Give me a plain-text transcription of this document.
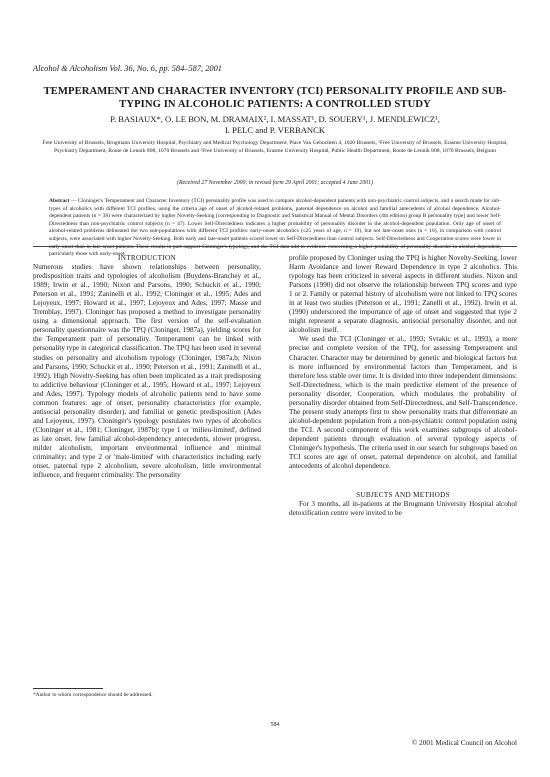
Alcohol & Alcoholism Vol. 36, No. 6, pp. 584–587, 2001
TEMPERAMENT AND CHARACTER INVENTORY (TCI) PERSONALITY PROFILE AND SUB-TYPING IN ALCOHOLIC PATIENTS: A CONTROLLED STUDY
P. BASIAUX*, O. LE BON, M. DRAMAIX², I. MASSAT¹, D. SOUERY¹, J. MENDLEWICZ¹,
I. PELC and P. VERBANCK
Free University of Brussels, Brugmann University Hospital, Psychiatry and Medical Psychology Department, Place Van Gehuchten 4, 1020 Brussels, ¹Free University of Brussels, Erasme University Hospital, Psychiatry Department, Route de Lennik 808, 1070 Brussels and ²Free University of Brussels, Erasme University Hospital, Public Health Department, Route de Lennik 808, 1070 Brussels, Belgium
(Received 27 November 2000; in revised form 29 April 2001; accepted 4 June 2001)
Abstract — Cloninger's Temperament and Character Inventory (TCI) personality profile was used to compare alcohol-dependent patients with non-psychiatric control subjects, and a search made for sub-types of alcoholics with different TCI profiles, using the criteria age of onset of alcohol-related problems, paternal dependence on alcohol and familial antecedents of alcohol dependence. Alcohol-dependent patients (n = 38) were characterized by higher Novelty-Seeking [corresponding to Diagnostic and Statistical Manual of Mental Disorders (4th edition) group B personality type] and lower Self-Directedness than non-psychiatric control subjects (n = 47). Lower Self-Directedness indicates a higher probability of personality disorder in the alcohol-dependent population. Only age of onset of alcohol-related problems delineated the two sub-populations with different TCI profiles: early-onset alcoholics (≤25 years of age, n = 19), but not late-onset ones (n = 16), in comparison with control subjects, were associated with higher Novelty-Seeking. Both early and late-onset patients scored lower on Self-Directedness than control subjects. Self-Directedness and Cooperation scores were lower in early-onset than in late-onset patients. These results in part support Cloninger's typology, and the TCI data add to evidence concerning a higher probability of personality disorder in alcohol-dependent, particularly those with early-onset.

INTRODUCTION

Numerous studies have shown relationships between personality, predisposition traits and typologies of alcoholism (Buydens-Branchey et al., 1989; Irwin et al., 1990; Nixon and Parsons, 1990; Schuckit et al., 1990; Peterson et al., 1991; Zaninelli et al., 1992; Cloninger et al., 1995; Ades and Lejoyeux, 1997; Howard et al., 1997; Lejoyeux and Ades, 1997; Masse and Tremblay, 1997). Cloninger has proposed a method to investigate personality using a dimensional approach. The first version of the self-evaluation personality questionnaire was the TPQ (Cloninger, 1987a), yielding scores for the Temperament part of personality. Temperament can be linked with personality type in categorical classification. The TPQ has been used in several studies on personality and alcoholism typology (Cloninger, 1987a,b; Nixon and Parsons, 1990; Schuckit et al., 1990; Peterson et al., 1991; Zaninelli et al., 1992). High Novelty-Seeking has often been implicated as a trait predisposing to addictive behaviour (Cloninger et al., 1995; Howard et al., 1997; Lejoyeux and Ades, 1997). Typology models of alcoholic patients tend to have some common features: age of onset, personality characteristics (for example, antisocial personality disorder), and familial or genetic predisposition (Ades and Lejoyeux, 1997). Cloninger's typology postulates two types of alcoholics (Cloninger et al., 1981; Cloninger, 1987b): type 1 or 'milieu-limited', defined as late onset, few familial alcohol-dependency antecedents, slower progress, milder alcoholism, important environmental influence and minimal criminality; and type 2 or 'male-limited' with characteristics including early onset, paternal type 2 alcoholism, severe alcoholism, little environmental influence, and frequent criminality. The personality

profile proposed by Cloninger using the TPQ is higher Novelty-Seeking, lower Harm Avoidance and lower Reward Dependence in type 2 alcoholics. This typology has been criticized in several aspects in different studies. Nixon and Parsons (1990) did not observe the relationship between TPQ scores and type 1 or 2. Family or paternal history of alcoholism were not linked to TPQ scores in at least two studies (Peterson et al., 1991; Zanelli et al., 1992). Irwin et al. (1990) underscored the importance of age of onset and suggested that type 2 might represent a separate diagnosis, antisocial personality disorder, and not alcoholism itself.

We used the TCI (Cloninger et al., 1993; Svrakic et al., 1993), a more precise and complete version of the TPQ, for assessing Temperament and Character. Character may be determined by genetic and biological factors but is more influenced by environmental factors than Temperament, and is therefore less stable over time. It is divided into three independent dimensions: Self-Directedness, which is the main predictive element of the presence of personality disorder, Cooperation, which modulates the probability of personality disorder obtained from Self-Directedness, and Self-Transcendence. The present study attempts first to show personality traits that differentiate an alcohol-dependent population from a non-psychiatric control population using the TCI. A second component of this work examines subgroups of alcohol-dependent patients through evaluation of several typology aspects of Cloninger's hypothesis. The criteria used in our search for subgroups based on TCI scores are age of onset, paternal dependence on alcohol, and familial antecedents of alcohol dependence.

SUBJECTS AND METHODS

For 3 months, all in-patients at the Brugmann University Hospital alcohol detoxification centre were invited to be

*Author to whom correspondence should be addressed.
584
© 2001 Medical Council on Alcohol
